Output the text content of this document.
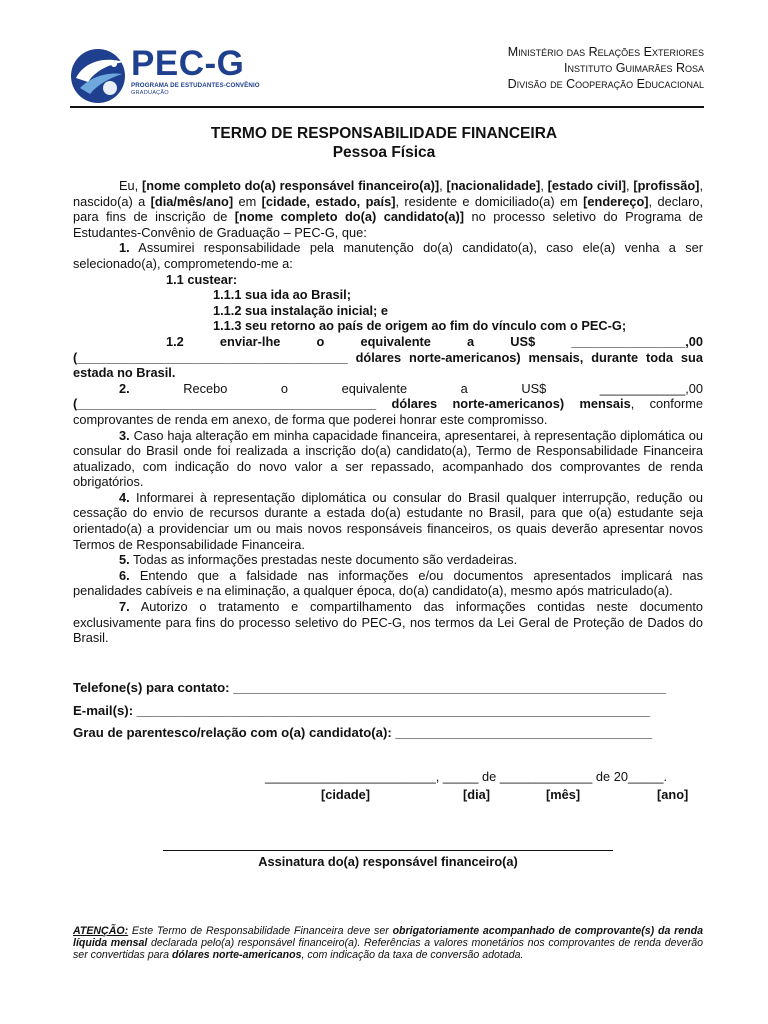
PEC-G
PROGRAMA DE ESTUDANTES-CONVÊNIO
GRADUAÇÃO
Ministério das Relações Exteriores
Instituto Guimarães Rosa
Divisão de Cooperação Educacional
TERMO DE RESPONSABILIDADE FINANCEIRA
Pessoa Física

Eu, [nome completo do(a) responsável financeiro(a)], [nacionalidade], [estado civil], [profissão], nascido(a) a [dia/mês/ano] em [cidade, estado, país], residente e domiciliado(a) em [endereço], declaro, para fins de inscrição de [nome completo do(a) candidato(a)] no processo seletivo do Programa de Estudantes-Convênio de Graduação – PEC-G, que:

1. Assumirei responsabilidade pela manutenção do(a) candidato(a), caso ele(a) venha a ser selecionado(a), comprometendo-me a:

1.1 custear:

1.1.1 sua ida ao Brasil;

1.1.2 sua instalação inicial; e

1.1.3 seu retorno ao país de origem ao fim do vínculo com o PEC-G;

1.2 enviar-lhe o equivalente a US$ ________________,00

(______________________________________ dólares norte-americanos) mensais, durante toda sua estada no Brasil.

2. Recebo o equivalente a US$ ____________,00

(__________________________________________ dólares norte-americanos) mensais, conforme comprovantes de renda em anexo, de forma que poderei honrar este compromisso.

3. Caso haja alteração em minha capacidade financeira, apresentarei, à representação diplomática ou consular do Brasil onde foi realizada a inscrição do(a) candidato(a), Termo de Responsabilidade Financeira atualizado, com indicação do novo valor a ser repassado, acompanhado dos comprovantes de renda obrigatórios.

4. Informarei à representação diplomática ou consular do Brasil qualquer interrupção, redução ou cessação do envio de recursos durante a estada do(a) estudante no Brasil, para que o(a) estudante seja orientado(a) a providenciar um ou mais novos responsáveis financeiros, os quais deverão apresentar novos Termos de Responsabilidade Financeira.

5. Todas as informações prestadas neste documento são verdadeiras.

6. Entendo que a falsidade nas informações e/ou documentos apresentados implicará nas penalidades cabíveis e na eliminação, a qualquer época, do(a) candidato(a), mesmo após matriculado(a).

7. Autorizo o tratamento e compartilhamento das informações contidas neste documento exclusivamente para fins do processo seletivo do PEC-G, nos termos da Lei Geral de Proteção de Dados do Brasil.

Telefone(s) para contato: ___________________________________________________________
E-mail(s): ______________________________________________________________________
Grau de parentesco/relação com o(a) candidato(a): ___________________________________
________________________, _____ de _____________ de 20_____.
[cidade]	[dia]	[mês]	[ano]
Assinatura do(a) responsável financeiro(a)
ATENÇÃO: Este Termo de Responsabilidade Financeira deve ser obrigatoriamente acompanhado de comprovante(s) da renda líquida mensal declarada pelo(a) responsável financeiro(a). Referências a valores monetários nos comprovantes de renda deverão ser convertidas para dólares norte-americanos, com indicação da taxa de conversão adotada.
